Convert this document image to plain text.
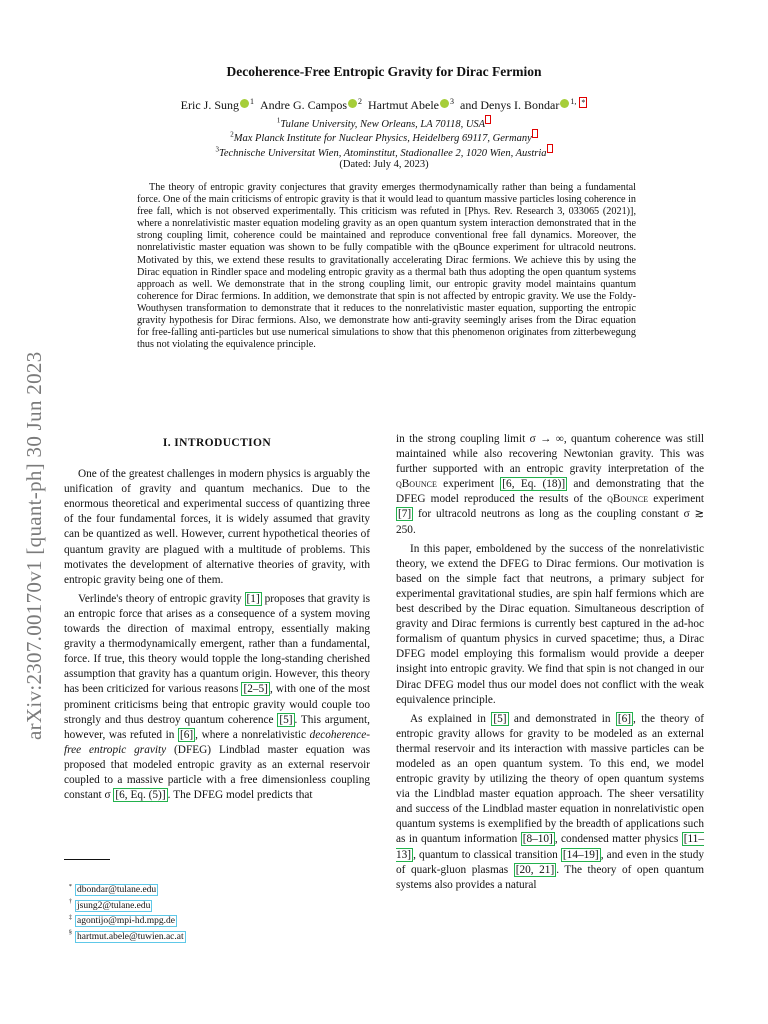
arXiv:2307.00170v1 [quant-ph] 30 Jun 2023
Decoherence-Free Entropic Gravity for Dirac Fermion
Eric J. Sung $^1$ Andre G. Campos $^2$ Hartmut Abele $^3$ and Denys I. Bondar $^{1,}$ *
$^1$Tulane University, New Orleans, LA 70118, USA
$^2$Max Planck Institute for Nuclear Physics, Heidelberg 69117, Germany
$^3$Technische Universitat Wien, Atominstitut, Stadionallee 2, 1020 Wien, Austria
(Dated: July 4, 2023)
The theory of entropic gravity conjectures that gravity emerges thermodynamically rather than being a fundamental force. One of the main criticisms of entropic gravity is that it would lead to quantum massive particles losing coherence in free fall, which is not observed experimentally. This criticism was refuted in [Phys. Rev. Research 3, 033065 (2021)], where a nonrelativistic master equation modeling gravity as an open quantum system interaction demonstrated that in the strong coupling limit, coherence could be maintained and reproduce conventional free fall dynamics. Moreover, the nonrelativistic master equation was shown to be fully compatible with the qBounce experiment for ultracold neutrons. Motivated by this, we extend these results to gravitationally accelerating Dirac fermions. We achieve this by using the Dirac equation in Rindler space and modeling entropic gravity as a thermal bath thus adopting the open quantum systems approach as well. We demonstrate that in the strong coupling limit, our entropic gravity model maintains quantum coherence for Dirac fermions. In addition, we demonstrate that spin is not affected by entropic gravity. We use the Foldy-Wouthysen transformation to demonstrate that it reduces to the nonrelativistic master equation, supporting the entropic gravity hypothesis for Dirac fermions. Also, we demonstrate how anti-gravity seemingly arises from the Dirac equation for free-falling anti-particles but use numerical simulations to show that this phenomenon originates from zitterbewegung thus not violating the equivalence principle.
I. INTRODUCTION

One of the greatest challenges in modern physics is arguably the unification of gravity and quantum mechanics. Due to the enormous theoretical and experimental success of quantizing three of the four fundamental forces, it is widely assumed that gravity can be quantized as well. However, current hypothetical theories of quantum gravity are plagued with a multitude of problems. This motivates the development of alternative theories of gravity, with entropic gravity being one of them.

Verlinde's theory of entropic gravity [1] proposes that gravity is an entropic force that arises as a consequence of a system moving towards the direction of maximal entropy, essentially making gravity a thermodynamically emergent, rather than a fundamental, force. If true, this theory would topple the long-standing cherished assumption that gravity has a quantum origin. However, this theory has been criticized for various reasons [2–5] , with one of the most prominent criticisms being that entropic gravity would couple too strongly and thus destroy quantum coherence [5] . This argument, however, was refuted in [6] , where a nonrelativistic decoherence-free entropic gravity (DFEG) Lindblad master equation was proposed that modeled entropic gravity as an external reservoir coupled to a massive particle with a free dimensionless coupling constant σ [6, Eq. (5)] . The DFEG model predicts that

in the strong coupling limit σ → ∞, quantum coherence was still maintained while also recovering Newtonian gravity. This was further supported with an entropic gravity interpretation of the qBounce experiment [6, Eq. (18)] and demonstrating that the DFEG model reproduced the results of the qBounce experiment [7] for ultracold neutrons as long as the coupling constant σ ≳ 250.

In this paper, emboldened by the success of the nonrelativistic theory, we extend the DFEG to Dirac fermions. Our motivation is based on the simple fact that neutrons, a primary subject for experimental gravitational studies, are spin half fermions which are best described by the Dirac equation. Simultaneous description of gravity and Dirac fermions is currently best captured in the ad-hoc formalism of quantum physics in curved spacetime; thus, a Dirac DFEG model employing this formalism would provide a deeper insight into entropic gravity. We find that spin is not changed in our Dirac DFEG model thus our model does not conflict with the weak equivalence principle.

As explained in [5] and demonstrated in [6] , the theory of entropic gravity allows for gravity to be modeled as an external thermal reservoir and its interaction with massive particles can be modeled as an open quantum system. To this end, we model entropic gravity by utilizing the theory of open quantum systems via the Lindblad master equation approach. The sheer versatility and success of the Lindblad master equation in nonrelativistic open quantum systems is exemplified by the breadth of applications such as in quantum information [8–10] , condensed matter physics [11–13] , quantum to classical transition [14–19] , and even in the study of quark-gluon plasmas [20, 21] . The theory of open quantum systems also provides a natural

* dbondar@tulane.edu
† jsung2@tulane.edu
‡ agontijo@mpi-hd.mpg.de
§ hartmut.abele@tuwien.ac.at
